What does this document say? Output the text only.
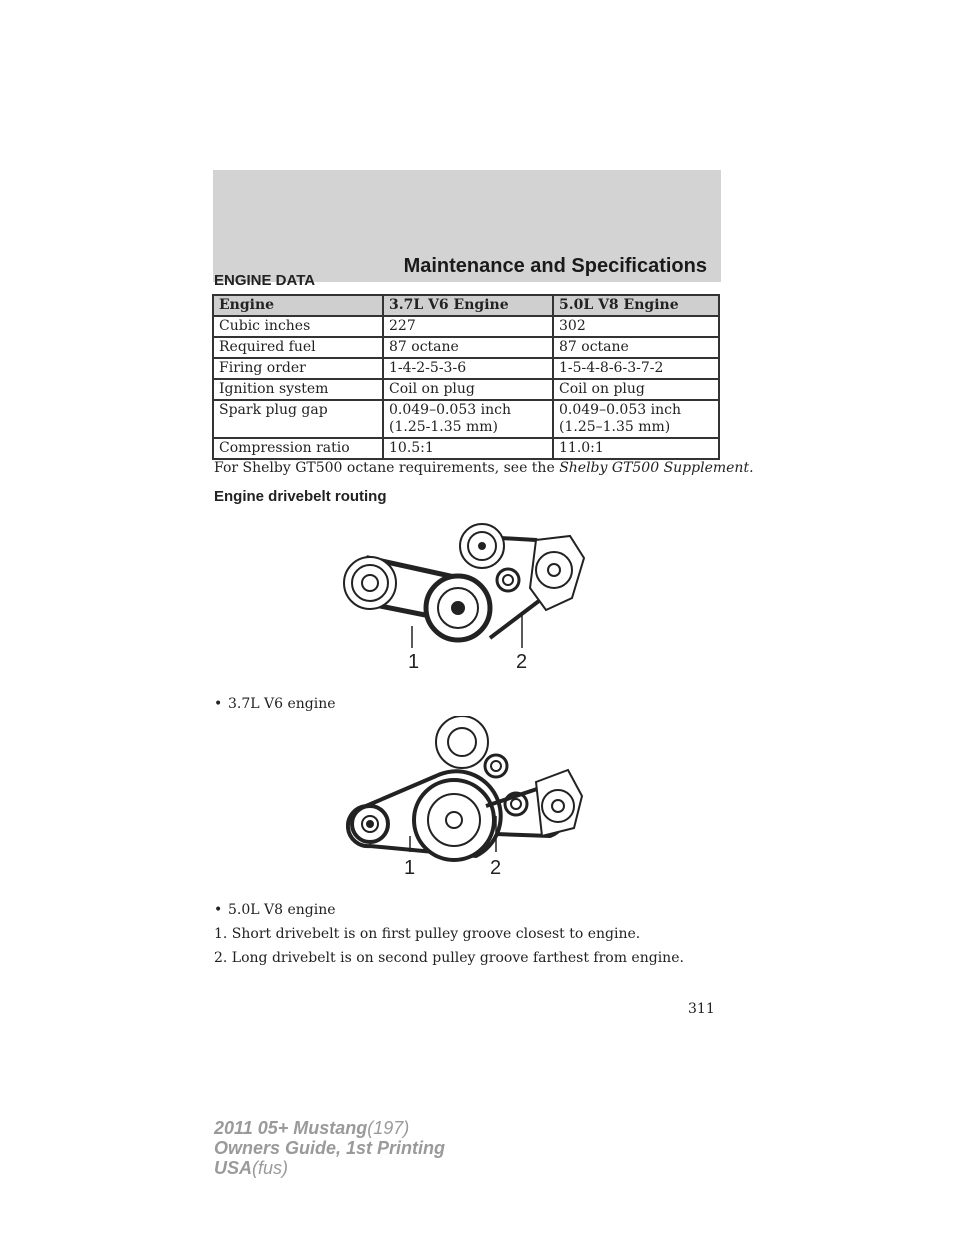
Maintenance and Specifications
ENGINE DATA
Engine	3.7L V6 Engine	5.0L V8 Engine
Cubic inches	227	302
Required fuel	87 octane	87 octane
Firing order	1-4-2-5-3-6	1-5-4-8-6-3-7-2
Ignition system	Coil on plug	Coil on plug
Spark plug gap	0.049–0.053 inch (1.25-1.35 mm)	0.049–0.053 inch (1.25–1.35 mm)
Compression ratio	10.5:1	11.0:1
For Shelby GT500 octane requirements, see the Shelby GT500 Supplement.
Engine drivebelt routing
1	2
• 3.7L V6 engine
1	2
• 5.0L V8 engine
1. Short drivebelt is on first pulley groove closest to engine.
2. Long drivebelt is on second pulley groove farthest from engine.
311
2011 05+ Mustang(197)
Owners Guide, 1st Printing
USA(fus)
